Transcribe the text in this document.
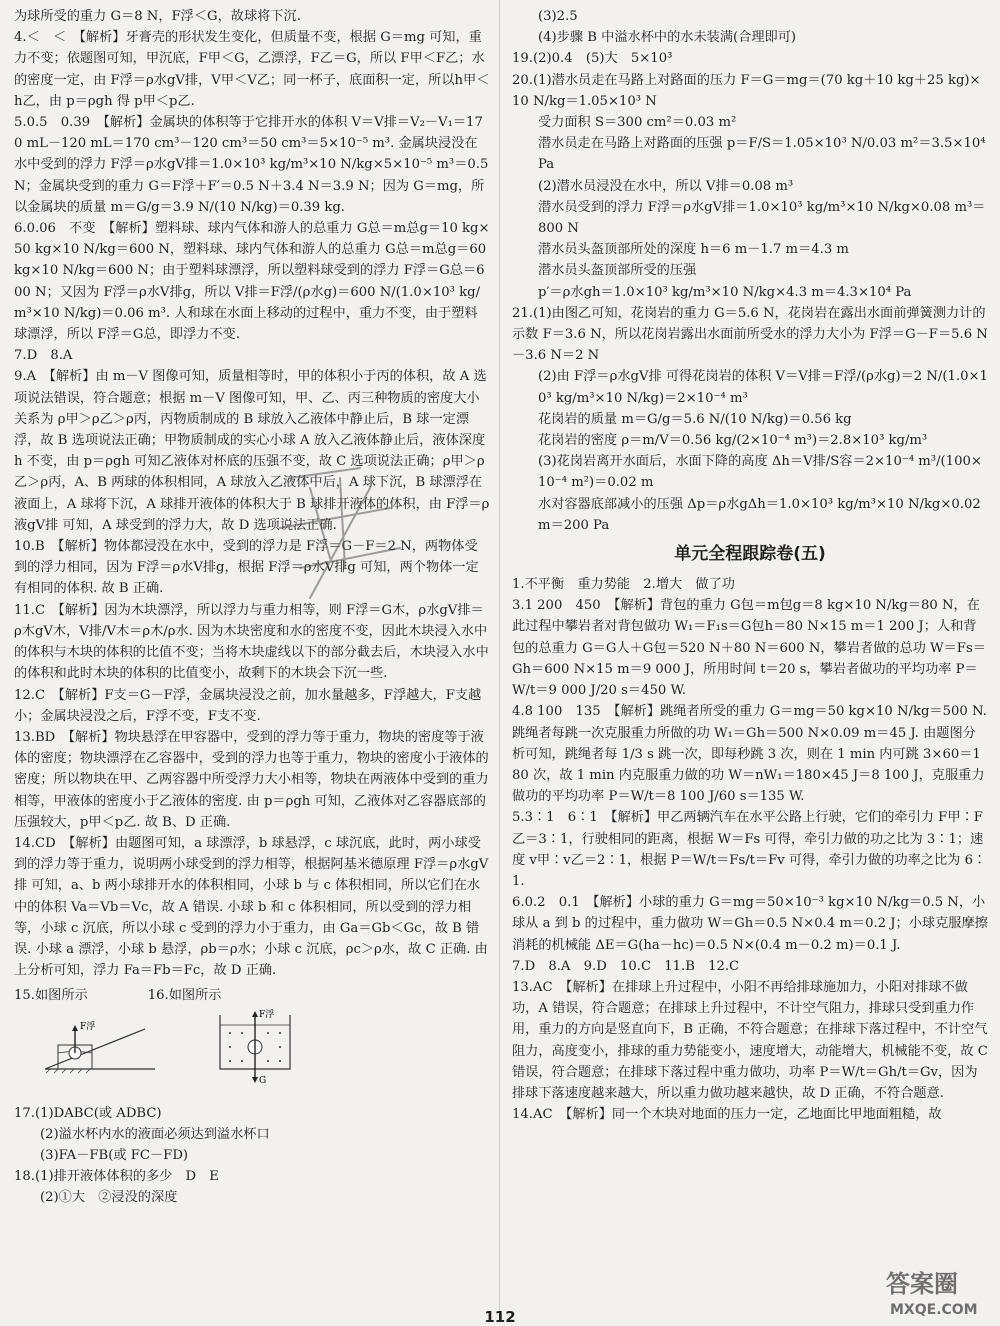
为球所受的重力 G＝8 N，F浮＜G，故球将下沉.

4.＜　＜　【解析】牙膏壳的形状发生变化，但质量不变，根据 G＝mg 可知，重力不变；依题图可知，甲沉底，F甲＜G，乙漂浮，F乙＝G，所以 F甲＜F乙；水的密度一定，由 F浮＝ρ水gV排，V甲＜V乙；同一杯子，底面积一定，所以h甲＜h乙，由 p＝ρgh 得 p甲＜p乙.

5.0.5　0.39　【解析】金属块的体积等于它排开水的体积 V＝V排＝V₂－V₁＝170 mL－120 mL＝170 cm³－120 cm³＝50 cm³＝5×10⁻⁵ m³. 金属块浸没在水中受到的浮力 F浮＝ρ水gV排＝1.0×10³ kg/m³×10 N/kg×5×10⁻⁵ m³＝0.5 N；金属块受到的重力 G＝F浮＋F′＝0.5 N＋3.4 N＝3.9 N；因为 G＝mg，所以金属块的质量 m＝G/g＝3.9 N/(10 N/kg)＝0.39 kg.

6.0.06　不变　【解析】塑料球、球内气体和游人的总重力 G总＝m总g＝10 kg×50 kg×10 N/kg＝600 N，塑料球、球内气体和游人的总重力 G总＝m总g＝60 kg×10 N/kg＝600 N；由于塑料球漂浮，所以塑料球受到的浮力 F浮＝G总＝600 N；又因为 F浮＝ρ水V排g，所以 V排＝F浮/(ρ水g)＝600 N/(1.0×10³ kg/m³×10 N/kg)＝0.06 m³. 人和球在水面上移动的过程中，重力不变，由于塑料球漂浮，所以 F浮＝G总，即浮力不变.

7.D　8.A

9.A　【解析】由 m－V 图像可知，质量相等时，甲的体积小于丙的体积，故 A 选项说法错误，符合题意；根据 m－V 图像可知，甲、乙、丙三种物质的密度大小关系为 ρ甲＞ρ乙＞ρ丙，丙物质制成的 B 球放入乙液体中静止后，B 球一定漂浮，故 B 选项说法正确；甲物质制成的实心小球 A 放入乙液体静止后，液体深度 h 不变，由 p＝ρgh 可知乙液体对杯底的压强不变，故 C 选项说法正确；ρ甲＞ρ乙＞ρ丙，A、B 两球的体积相同，A 球放入乙液体中后，A 球下沉，B 球漂浮在液面上，A 球将下沉，A 球排开液体的体积大于 B 球排开液体的体积，由 F浮＝ρ液gV排 可知，A 球受到的浮力大，故 D 选项说法正确.

10.B　【解析】物体都浸没在水中，受到的浮力是 F浮＝G－F＝2 N，两物体受到的浮力相同，因为 F浮＝ρ水V排g，根据 F浮＝ρ水V排g 可知，两个物体一定有相同的体积. 故 B 正确.

11.C　【解析】因为木块漂浮，所以浮力与重力相等，则 F浮＝G木，ρ水gV排＝ρ木gV木，V排/V木＝ρ木/ρ水. 因为木块密度和水的密度不变，因此木块浸入水中的体积与木块的体积的比值不变；当将木块虚线以下的部分截去后，木块浸入水中的体积和此时木块的体积的比值变小，故剩下的木块会下沉一些.

12.C　【解析】F支＝G－F浮，金属块浸没之前，加水量越多，F浮越大，F支越小；金属块浸没之后，F浮不变，F支不变.

13.BD　【解析】物块悬浮在甲容器中，受到的浮力等于重力，物块的密度等于液体的密度；物块漂浮在乙容器中，受到的浮力也等于重力，物块的密度小于液体的密度；所以物块在甲、乙两容器中所受浮力大小相等，物块在两液体中受到的重力相等，甲液体的密度小于乙液体的密度. 由 p＝ρgh 可知，乙液体对乙容器底部的压强较大，p甲＜p乙. 故 B、D 正确.

14.CD　【解析】由题图可知，a 球漂浮，b 球悬浮，c 球沉底，此时，两小球受到的浮力等于重力，说明两小球受到的浮力相等，根据阿基米德原理 F浮＝ρ水gV排 可知，a、b 两小球排开水的体积相同，小球 b 与 c 体积相同，所以它们在水中的体积 Va＝Vb＝Vc，故 A 错误. 小球 b 和 c 体积相同，所以受到的浮力相等，小球 c 沉底，所以小球 c 受到的浮力小于重力，由 Ga＝Gb＜Gc，故 B 错误. 小球 a 漂浮，小球 b 悬浮，ρb＝ρ水；小球 c 沉底，ρc＞ρ水，故 C 正确. 由上分析可知，浮力 Fa＝Fb＝Fc，故 D 正确.

15.如图所示	16.如图所示

F浮
F浮
G

17.(1)DABC(或 ADBC)

(2)溢水杯内水的液面必须达到溢水杯口

(3)FA－FB(或 FC－FD)

18.(1)排开液体体积的多少　D　E

(2)①大　②浸没的深度

(3)2.5

(4)步骤 B 中溢水杯中的水未装满(合理即可)

19.(2)0.4　(5)大　5×10³

20.(1)潜水员走在马路上对路面的压力 F＝G＝mg＝(70 kg＋10 kg＋25 kg)×10 N/kg＝1.05×10³ N

受力面积 S＝300 cm²＝0.03 m²

潜水员走在马路上对路面的压强 p＝F/S＝1.05×10³ N/0.03 m²＝3.5×10⁴ Pa

(2)潜水员浸没在水中，所以 V排＝0.08 m³

潜水员受到的浮力 F浮＝ρ水gV排＝1.0×10³ kg/m³×10 N/kg×0.08 m³＝800 N

潜水员头盔顶部所处的深度 h＝6 m－1.7 m＝4.3 m

潜水员头盔顶部所受的压强

p′＝ρ水gh＝1.0×10³ kg/m³×10 N/kg×4.3 m＝4.3×10⁴ Pa

21.(1)由图乙可知，花岗岩的重力 G＝5.6 N，花岗岩在露出水面前弹簧测力计的示数 F＝3.6 N，所以花岗岩露出水面前所受水的浮力大小为 F浮＝G－F＝5.6 N－3.6 N＝2 N

(2)由 F浮＝ρ水gV排 可得花岗岩的体积 V＝V排＝F浮/(ρ水g)＝2 N/(1.0×10³ kg/m³×10 N/kg)＝2×10⁻⁴ m³

花岗岩的质量 m＝G/g＝5.6 N/(10 N/kg)＝0.56 kg

花岗岩的密度 ρ＝m/V＝0.56 kg/(2×10⁻⁴ m³)＝2.8×10³ kg/m³

(3)花岗岩离开水面后，水面下降的高度 Δh＝V排/S容＝2×10⁻⁴ m³/(100×10⁻⁴ m²)＝0.02 m

水对容器底部减小的压强 Δp＝ρ水gΔh＝1.0×10³ kg/m³×10 N/kg×0.02 m＝200 Pa

单元全程跟踪卷(五)

1.不平衡　重力势能　2.增大　做了功

3.1 200　450　【解析】背包的重力 G包＝m包g＝8 kg×10 N/kg＝80 N，在此过程中攀岩者对背包做功 W₁＝F₁s＝G包h＝80 N×15 m＝1 200 J；人和背包的总重力 G＝G人＋G包＝520 N＋80 N＝600 N，攀岩者做的总功 W＝Fs＝Gh＝600 N×15 m＝9 000 J，所用时间 t＝20 s，攀岩者做功的平均功率 P＝W/t＝9 000 J/20 s＝450 W.

4.8 100　135　【解析】跳绳者所受的重力 G＝mg＝50 kg×10 N/kg＝500 N. 跳绳者每跳一次克服重力所做的功 W₁＝Gh＝500 N×0.09 m＝45 J. 由题图分析可知，跳绳者每 1/3 s 跳一次，即每秒跳 3 次，则在 1 min 内可跳 3×60＝180 次，故 1 min 内克服重力做的功 W＝nW₁＝180×45 J＝8 100 J，克服重力做功的平均功率 P＝W/t＝8 100 J/60 s＝135 W.

5.3∶1　6∶1　【解析】甲乙两辆汽车在水平公路上行驶，它们的牵引力 F甲∶F乙＝3∶1，行驶相同的距离，根据 W＝Fs 可得，牵引力做的功之比为 3∶1；速度 v甲∶v乙＝2∶1，根据 P＝W/t＝Fs/t＝Fv 可得，牵引力做的功率之比为 6∶1.

6.0.2　0.1　【解析】小球的重力 G＝mg＝50×10⁻³ kg×10 N/kg＝0.5 N，小球从 a 到 b 的过程中，重力做功 W＝Gh＝0.5 N×0.4 m＝0.2 J；小球克服摩擦消耗的机械能 ΔE＝G(ha－hc)＝0.5 N×(0.4 m－0.2 m)＝0.1 J.

7.D　8.A　9.D　10.C　11.B　12.C

13.AC　【解析】在排球上升过程中，小阳不再给排球施加力，小阳对排球不做功，A 错误，符合题意；在排球上升过程中，不计空气阻力，排球只受到重力作用，重力的方向是竖直向下，B 正确，不符合题意；在排球下落过程中，不计空气阻力，高度变小，排球的重力势能变小，速度增大，动能增大，机械能不变，故 C 错误，符合题意；在排球下落过程中重力做功，功率 P＝W/t＝Gh/t＝Gv，因为排球下落速度越来越大，所以重力做功越来越快，故 D 正确，不符合题意.

14.AC　【解析】同一个木块对地面的压力一定，乙地面比甲地面粗糙，故

112
答案圈
MXQE.COM
